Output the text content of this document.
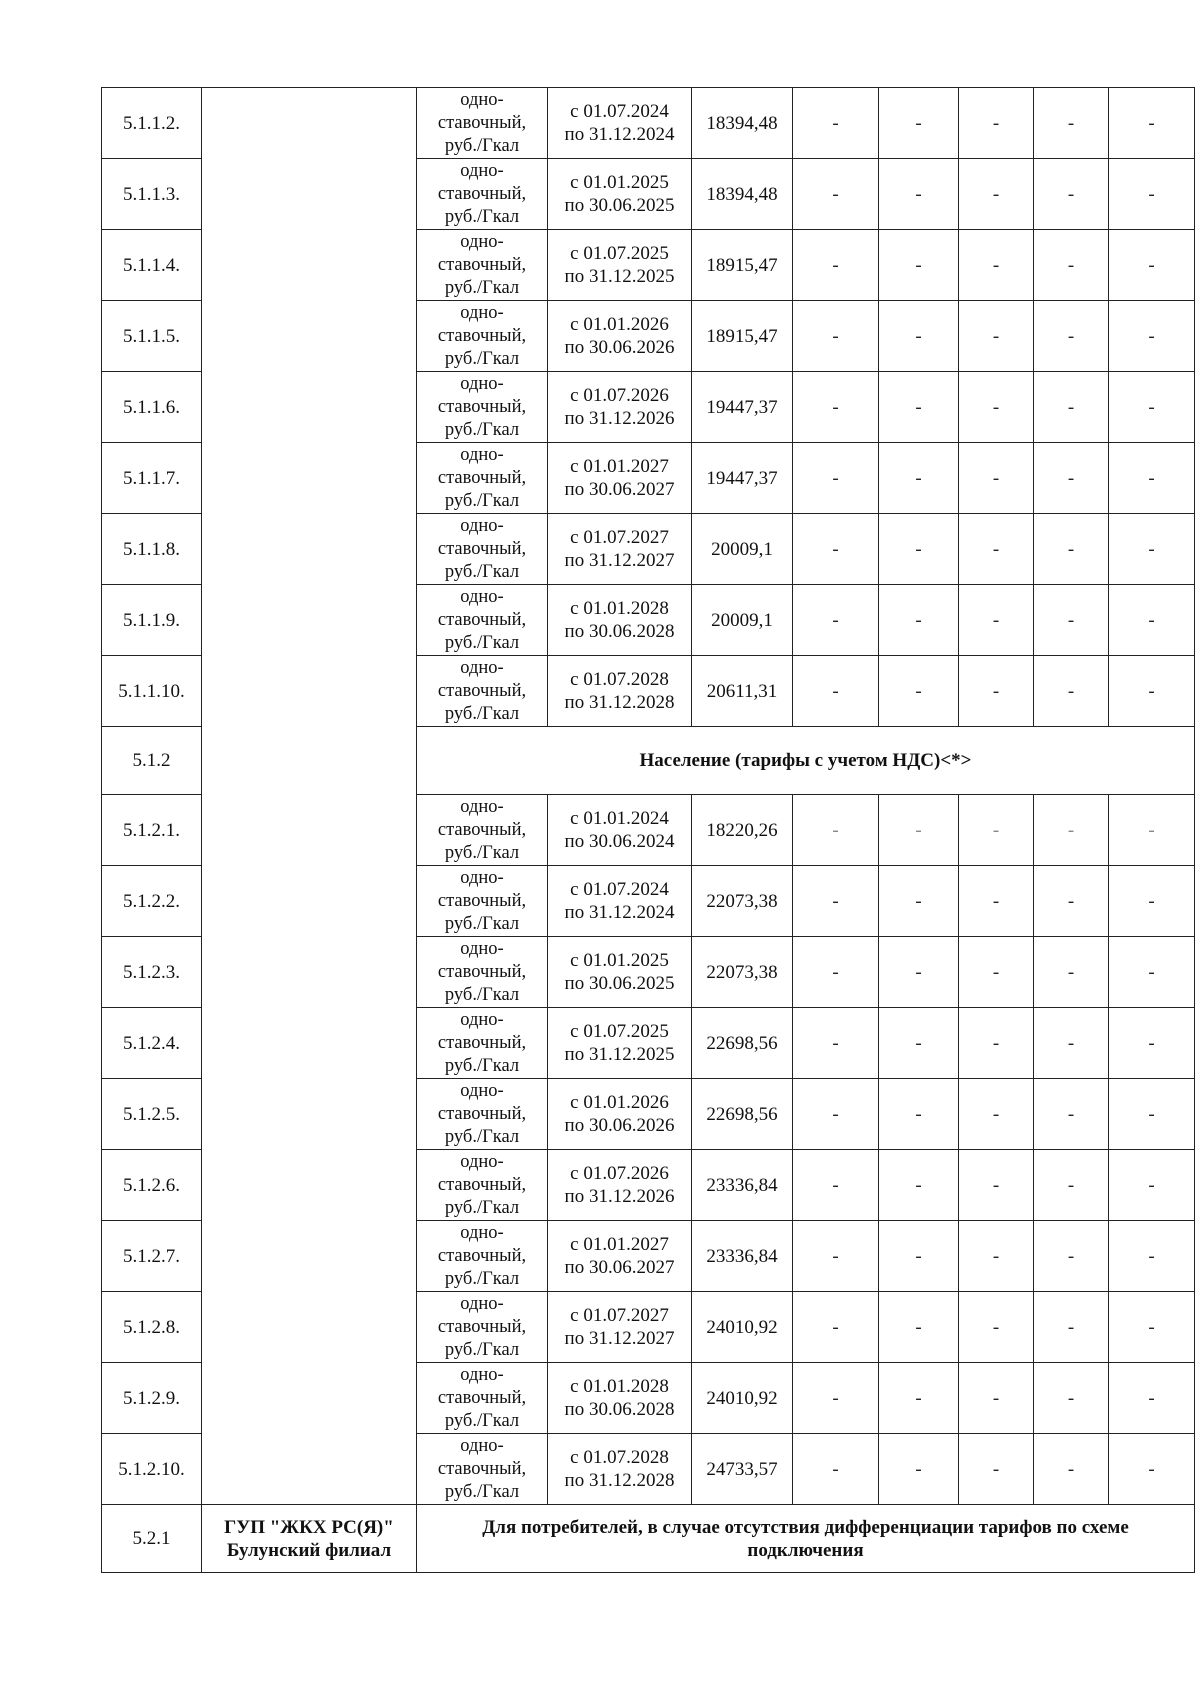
5.1.1.2.		одно-
ставочный,
руб./Гкал	с 01.07.2024
по 31.12.2024	18394,48	-	-	-	-	-
5.1.1.3.		одно-
ставочный,
руб./Гкал	с 01.01.2025
по 30.06.2025	18394,48	-	-	-	-	-
5.1.1.4.		одно-
ставочный,
руб./Гкал	с 01.07.2025
по 31.12.2025	18915,47	-	-	-	-	-
5.1.1.5.		одно-
ставочный,
руб./Гкал	с 01.01.2026
по 30.06.2026	18915,47	-	-	-	-	-
5.1.1.6.		одно-
ставочный,
руб./Гкал	с 01.07.2026
по 31.12.2026	19447,37	-	-	-	-	-
5.1.1.7.		одно-
ставочный,
руб./Гкал	с 01.01.2027
по 30.06.2027	19447,37	-	-	-	-	-
5.1.1.8.		одно-
ставочный,
руб./Гкал	с 01.07.2027
по 31.12.2027	20009,1	-	-	-	-	-
5.1.1.9.		одно-
ставочный,
руб./Гкал	с 01.01.2028
по 30.06.2028	20009,1	-	-	-	-	-
5.1.1.10.		одно-
ставочный,
руб./Гкал	с 01.07.2028
по 31.12.2028	20611,31	-	-	-	-	-
5.1.2		Население (тарифы с учетом НДС)<*>							
5.1.2.1.		одно-
ставочный,
руб./Гкал	с 01.01.2024
по 30.06.2024	18220,26	-	-	-	-	-
5.1.2.2.		одно-
ставочный,
руб./Гкал	с 01.07.2024
по 31.12.2024	22073,38	-	-	-	-	-
5.1.2.3.		одно-
ставочный,
руб./Гкал	с 01.01.2025
по 30.06.2025	22073,38	-	-	-	-	-
5.1.2.4.		одно-
ставочный,
руб./Гкал	с 01.07.2025
по 31.12.2025	22698,56	-	-	-	-	-
5.1.2.5.		одно-
ставочный,
руб./Гкал	с 01.01.2026
по 30.06.2026	22698,56	-	-	-	-	-
5.1.2.6.		одно-
ставочный,
руб./Гкал	с 01.07.2026
по 31.12.2026	23336,84	-	-	-	-	-
5.1.2.7.		одно-
ставочный,
руб./Гкал	с 01.01.2027
по 30.06.2027	23336,84	-	-	-	-	-
5.1.2.8.		одно-
ставочный,
руб./Гкал	с 01.07.2027
по 31.12.2027	24010,92	-	-	-	-	-
5.1.2.9.		одно-
ставочный,
руб./Гкал	с 01.01.2028
по 30.06.2028	24010,92	-	-	-	-	-
5.1.2.10.		одно-
ставочный,
руб./Гкал	с 01.07.2028
по 31.12.2028	24733,57	-	-	-	-	-
5.2.1	ГУП "ЖКХ РС(Я)"
Булунский филиал	Для потребителей, в случае отсутствия дифференциации тарифов по схеме
подключения							
